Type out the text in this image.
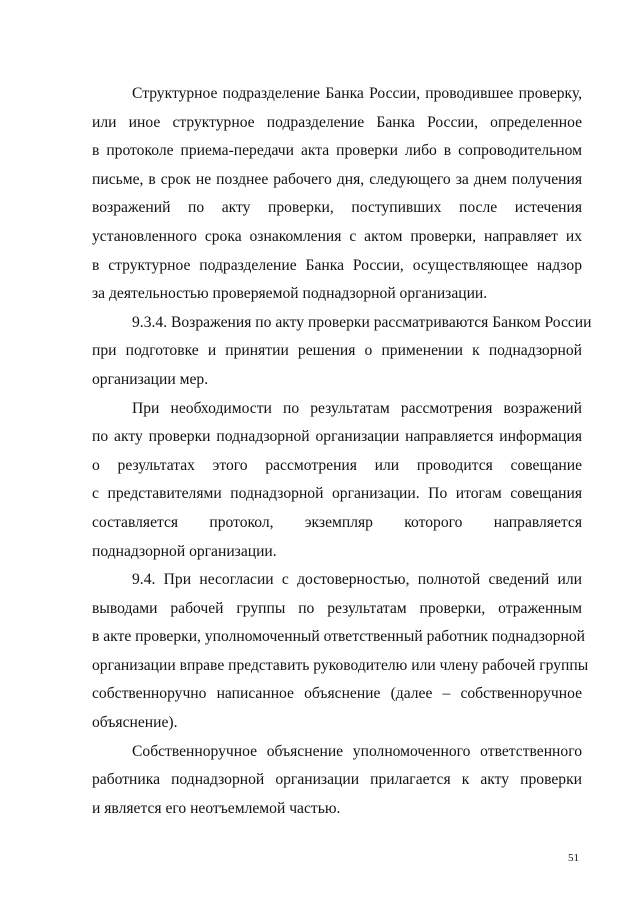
Структурное подразделение Банка России, проводившее проверку,
или иное структурное подразделение Банка России, определенное
в протоколе приема-передачи акта проверки либо в сопроводительном
письме, в срок не позднее рабочего дня, следующего за днем получения
возражений по акту проверки, поступивших после истечения
установленного срока ознакомления с актом проверки, направляет их
в структурное подразделение Банка России, осуществляющее надзор
за деятельностью проверяемой поднадзорной организации.

9.3.4. Возражения по акту проверки рассматриваются Банком России
при подготовке и принятии решения о применении к поднадзорной
организации мер.

При необходимости по результатам рассмотрения возражений
по акту проверки поднадзорной организации направляется информация
о результатах этого рассмотрения или проводится совещание
с представителями поднадзорной организации. По итогам совещания
составляется протокол, экземпляр которого направляется
поднадзорной организации.

9.4. При несогласии с достоверностью, полнотой сведений или
выводами рабочей группы по результатам проверки, отраженным
в акте проверки, уполномоченный ответственный работник поднадзорной
организации вправе представить руководителю или члену рабочей группы
собственноручно написанное объяснение (далее – собственноручное
объяснение).

Собственноручное объяснение уполномоченного ответственного
работника поднадзорной организации прилагается к акту проверки
и является его неотъемлемой частью.

51
